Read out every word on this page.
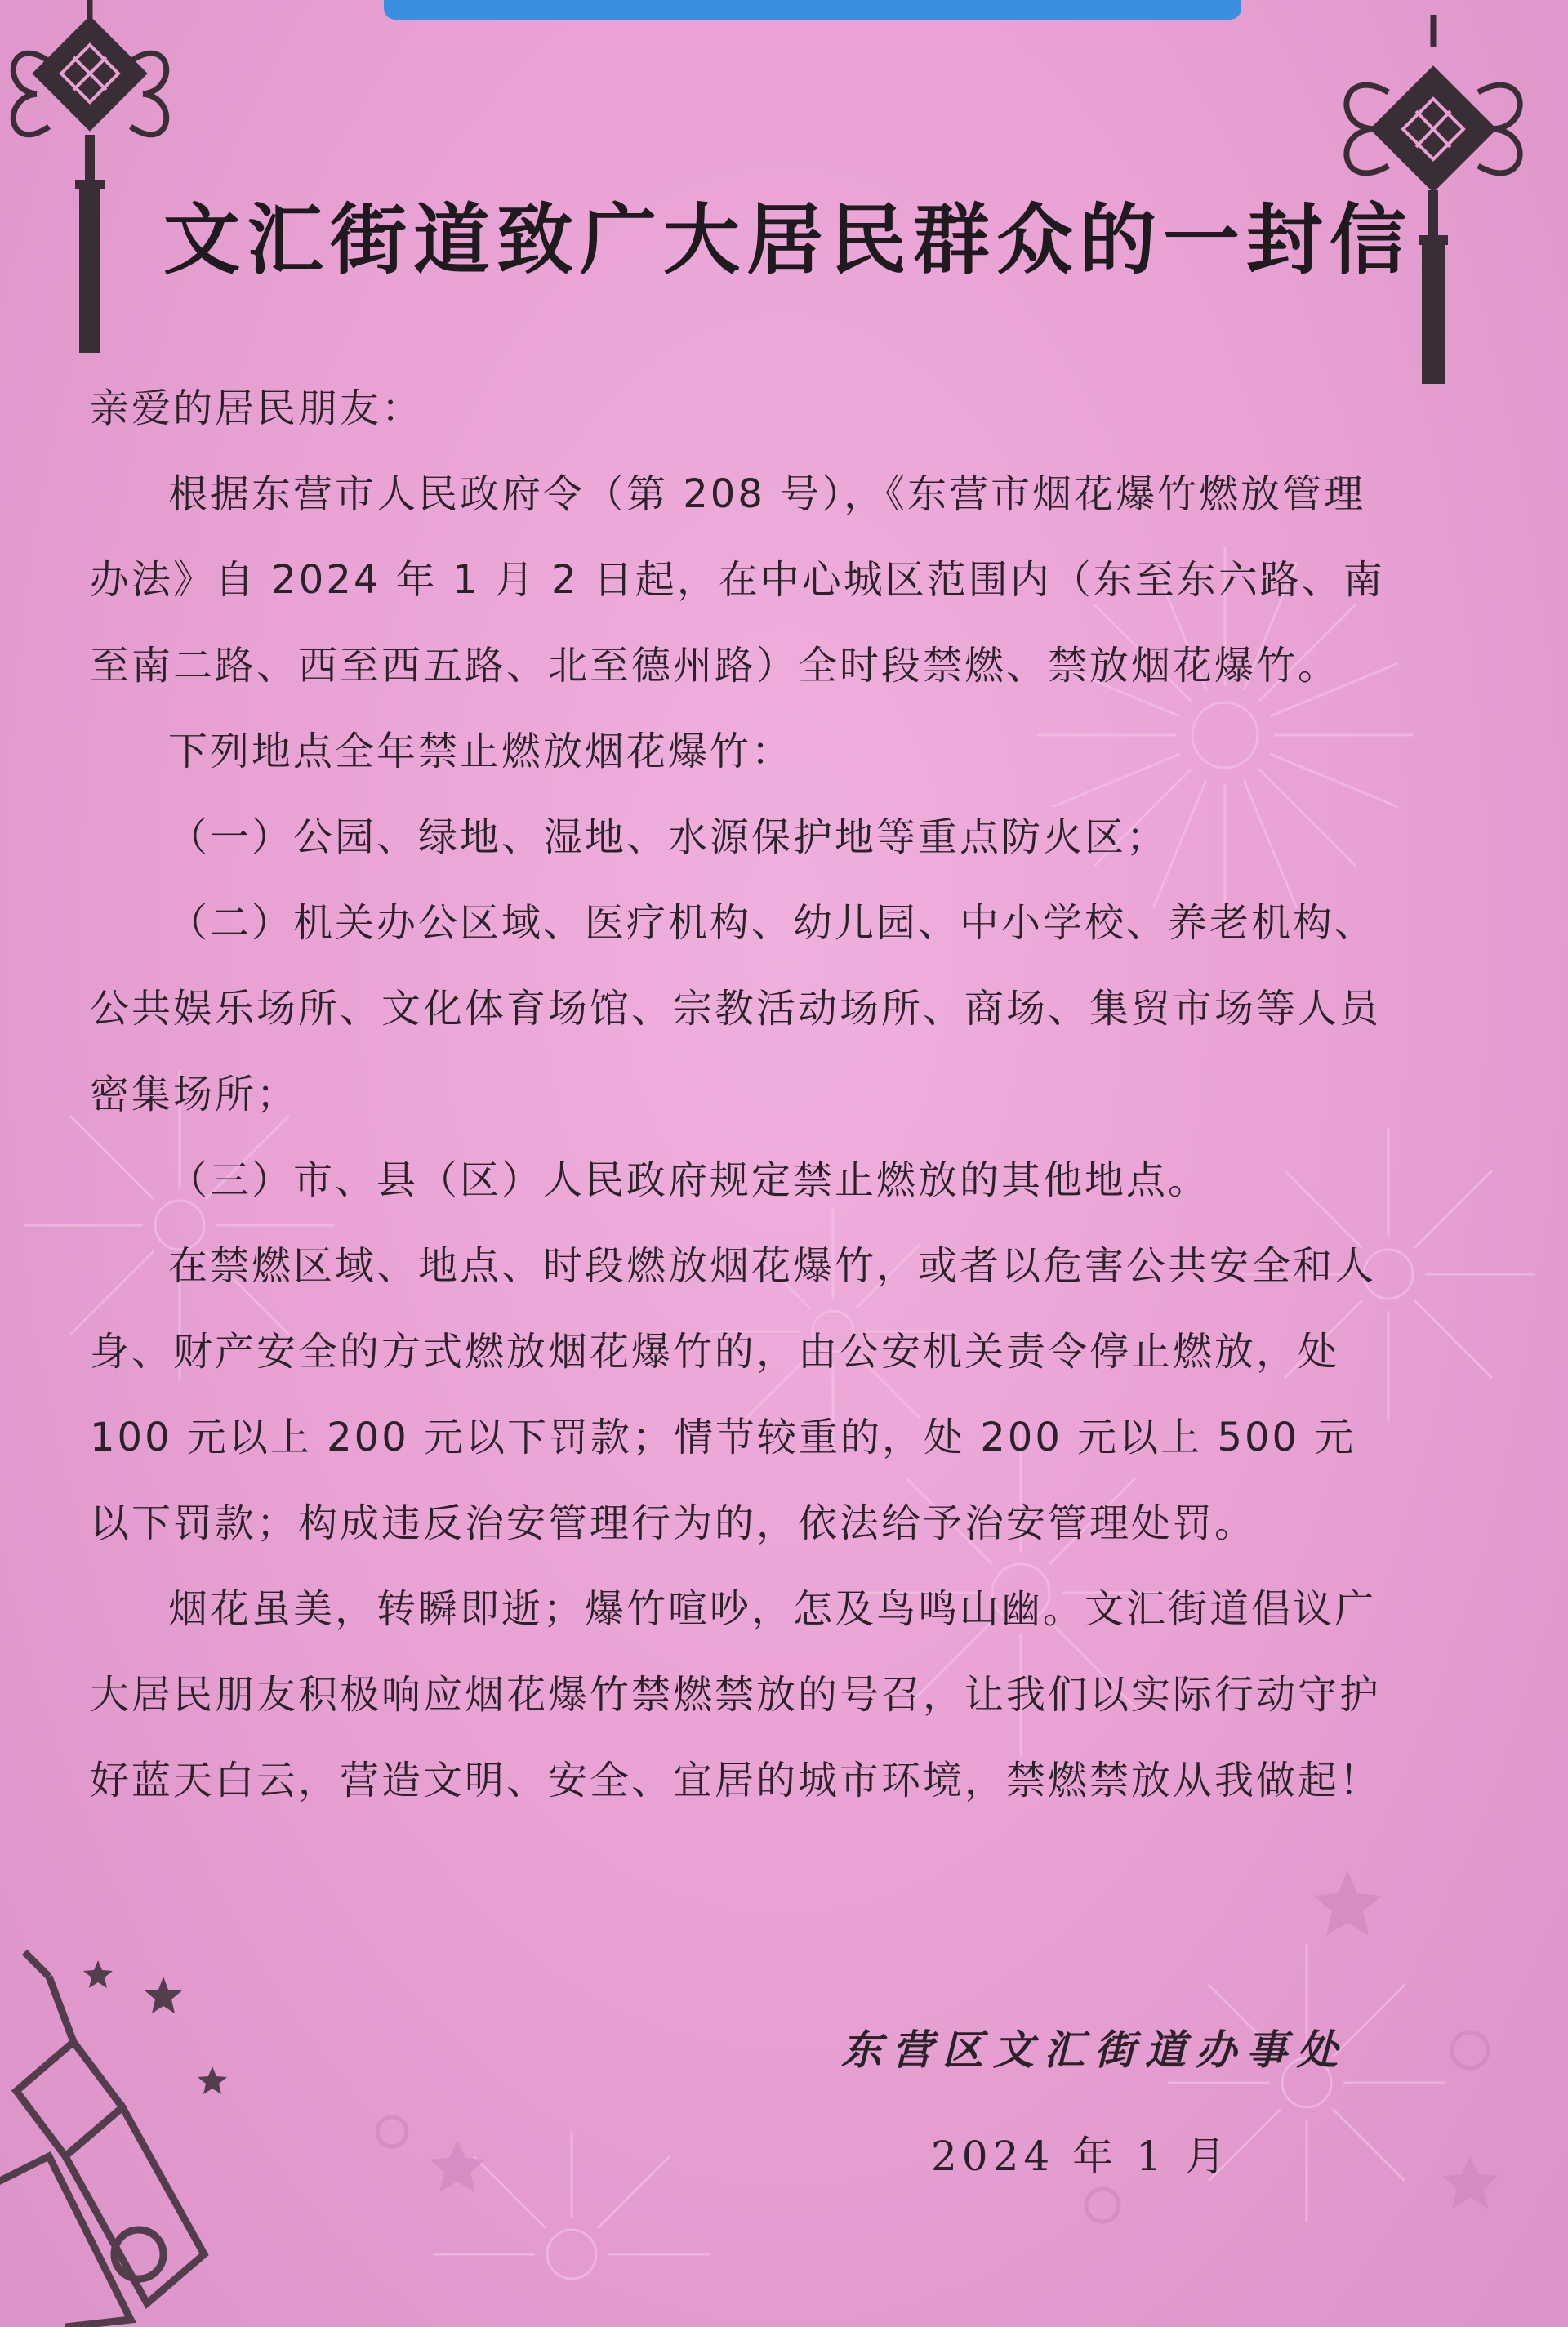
文汇街道致广大居民群众的一封信

亲爱的居民朋友：

根据东营市人民政府令（第 208 号），《东营市烟花爆竹燃放管理办法》自 2024 年 1 月 2 日起，在中心城区范围内（东至东六路、南至南二路、西至西五路、北至德州路）全时段禁燃、禁放烟花爆竹。

下列地点全年禁止燃放烟花爆竹：

（一）公园、绿地、湿地、水源保护地等重点防火区；

（二）机关办公区域、医疗机构、幼儿园、中小学校、养老机构、公共娱乐场所、文化体育场馆、宗教活动场所、商场、集贸市场等人员密集场所；

（三）市、县（区）人民政府规定禁止燃放的其他地点。

在禁燃区域、地点、时段燃放烟花爆竹，或者以危害公共安全和人身、财产安全的方式燃放烟花爆竹的，由公安机关责令停止燃放，处 100 元以上 200 元以下罚款；情节较重的，处 200 元以上 500 元以下罚款；构成违反治安管理行为的，依法给予治安管理处罚。

烟花虽美，转瞬即逝；爆竹喧吵，怎及鸟鸣山幽。文汇街道倡议广大居民朋友积极响应烟花爆竹禁燃禁放的号召，让我们以实际行动守护好蓝天白云，营造文明、安全、宜居的城市环境，禁燃禁放从我做起！

东营区文汇街道办事处
2024 年 1 月
